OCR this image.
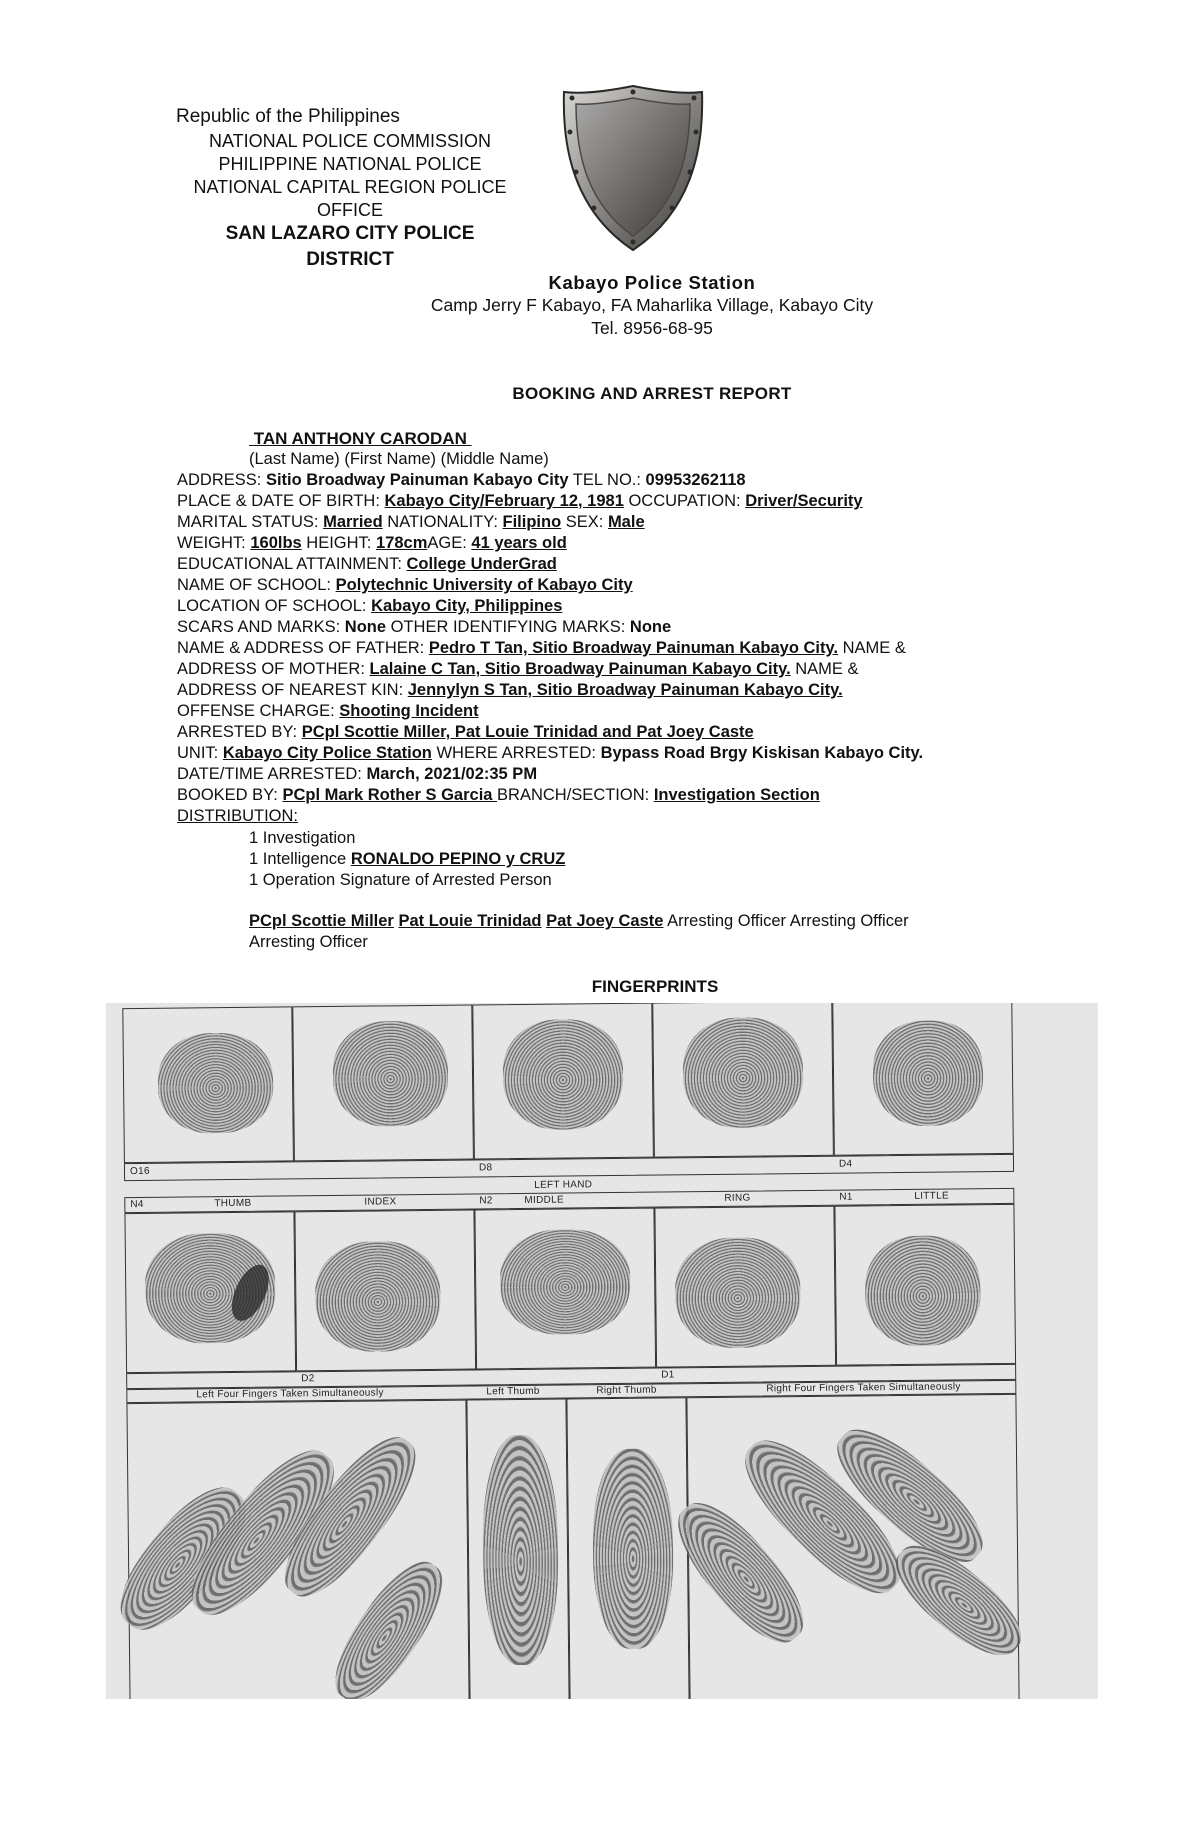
Republic of the Philippines
NATIONAL POLICE COMMISSION
PHILIPPINE NATIONAL POLICE
NATIONAL CAPITAL REGION POLICE
OFFICE
SAN LAZARO CITY POLICE
DISTRICT
Kabayo Police Station
Camp Jerry F Kabayo, FA Maharlika Village, Kabayo City
Tel. 8956-68-95
BOOKING AND ARREST REPORT
TAN ANTHONY CARODAN
(Last Name) (First Name) (Middle Name)
ADDRESS: Sitio Broadway Painuman Kabayo City TEL NO.: 09953262118
PLACE & DATE OF BIRTH: Kabayo City/February 12, 1981 OCCUPATION: Driver/Security
MARITAL STATUS: Married NATIONALITY: Filipino SEX: Male
WEIGHT: 160lbs HEIGHT: 178cmAGE: 41 years old
EDUCATIONAL ATTAINMENT: College UnderGrad
NAME OF SCHOOL: Polytechnic University of Kabayo City
LOCATION OF SCHOOL: Kabayo City, Philippines
SCARS AND MARKS: None OTHER IDENTIFYING MARKS: None
NAME & ADDRESS OF FATHER: Pedro T Tan, Sitio Broadway Painuman Kabayo City. NAME &
ADDRESS OF MOTHER: Lalaine C Tan, Sitio Broadway Painuman Kabayo City. NAME &
ADDRESS OF NEAREST KIN: Jennylyn S Tan, Sitio Broadway Painuman Kabayo City.
OFFENSE CHARGE: Shooting Incident
ARRESTED BY: PCpl Scottie Miller, Pat Louie Trinidad and Pat Joey Caste
UNIT: Kabayo City Police Station WHERE ARRESTED: Bypass Road Brgy Kiskisan Kabayo City.
DATE/TIME ARRESTED: March, 2021/02:35 PM
BOOKED BY: PCpl Mark Rother S Garcia BRANCH/SECTION: Investigation Section
DISTRIBUTION:
1 Investigation
1 Intelligence RONALDO PEPINO y CRUZ
1 Operation Signature of Arrested Person
PCpl Scottie Miller Pat Louie Trinidad Pat Joey Caste Arresting Officer Arresting Officer
Arresting Officer
FINGERPRINTS
O16	D8	D4
LEFT HAND
N4	THUMB	INDEX	N2	MIDDLE	RING	N1	LITTLE
D2	D1
Left Four Fingers Taken Simultaneously	Left Thumb	Right Thumb	Right Four Fingers Taken Simultaneously
